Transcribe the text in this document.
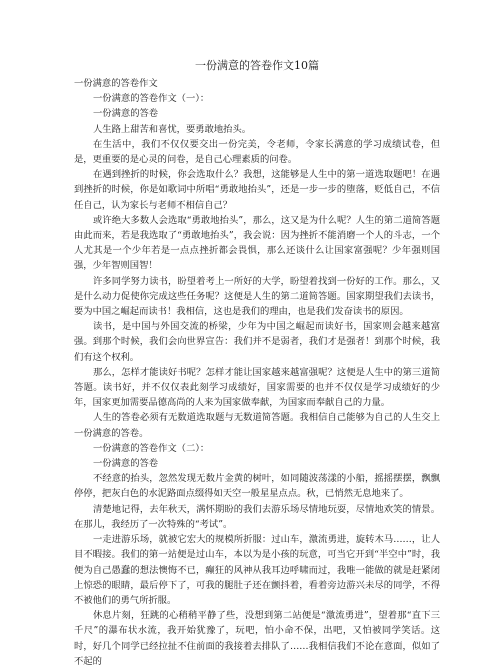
一份满意的答卷作文10篇

一份满意的答卷作文

一份满意的答卷作文（一）：

一份满意的答卷

人生路上甜苦和喜忧，要勇敢地抬头。

在生活中，我们不仅仅要交出一份完美，令老师，令家长满意的学习成绩试卷，但是，更重要的是心灵的问卷，是自己心理素质的问卷。

在遇到挫折的时候，你会选取什么？我想，这能够是人生中的第一道选取题吧！在遇到挫折的时候，你是如歌词中所唱“勇敢地抬头”，还是一步一步的堕落，贬低自己，不信任自己，认为家长与老师不相信自己？

或许绝大多数人会选取“勇敢地抬头”，那么，这又是为什么呢？人生的第二道简答题由此而来，若是我选取了“勇敢地抬头”，我会说：因为挫折不能消磨一个人的斗志，一个人尤其是一个少年若是一点点挫折都会畏惧，那么还谈什么让国家富强呢？少年强则国强，少年智则国智！

许多同学努力读书，盼望着考上一所好的大学，盼望着找到一份好的工作。那么，又是什么动力促使你完成这些任务呢？这便是人生的第二道简答题。国家期望我们去读书，要为中国之崛起而读书！我相信，这也是我们的理由，也是我们发奋读书的原因。

读书，是中国与外国交流的桥梁，少年为中国之崛起而读好书，国家则会越来越富强。到那个时候，我们会向世界宣告：我们并不是弱者，我们才是强者！到那个时候，我们有这个权利。

那么，怎样才能读好书呢？怎样才能让国家越来越富强呢？这便是人生中的第三道简答题。读书好，并不仅仅表此刻学习成绩好，国家需要的也并不仅仅是学习成绩好的少年，国家更加需要品德高尚的人来为国家做奉献，为国家而奉献自己的力量。

人生的答卷必须有无数道选取题与无数道简答题。我相信自己能够为自己的人生交上一份满意的答卷。

一份满意的答卷作文（二）：

一份满意的答卷

不经意的抬头，忽然发现无数片金黄的树叶，如同随波荡漾的小船，摇摇摆摆，飘飘停停，把灰白色的水泥路面点缀得如天空一般星星点点。秋，已悄然无息地来了。

清楚地记得，去年秋天，满怀期盼的我们去游乐场尽情地玩耍，尽情地欢笑的情景。在那儿，我经历了一次特殊的“考试”。

一走进游乐场，就被它宏大的规模所折服：过山车，激流勇进，旋转木马……，让人目不暇接。我们的第一站便是过山车，本以为是小孩的玩意，可当它开到“半空中”时，我便为自己愚蠢的想法懊悔不已，癫狂的风神从我耳边呼啸而过，我唯一能做的就是赶紧闭上惊恐的眼睛，最后停下了，可我的腿肚子还在颤抖着，看着旁边游兴未尽的同学，不得不被他们的勇气所折服。

休息片刻，狂跳的心稍稍平静了些，没想到第二站便是“激流勇进”，望着那“直下三千尺”的瀑布状水流，我开始犹豫了，玩吧，怕小命不保，出吧，又怕被同学笑话。这时，好几个同学已经拉扯不住前面的我接着去排队了……我相信我们不论在意面，似如了不起的
